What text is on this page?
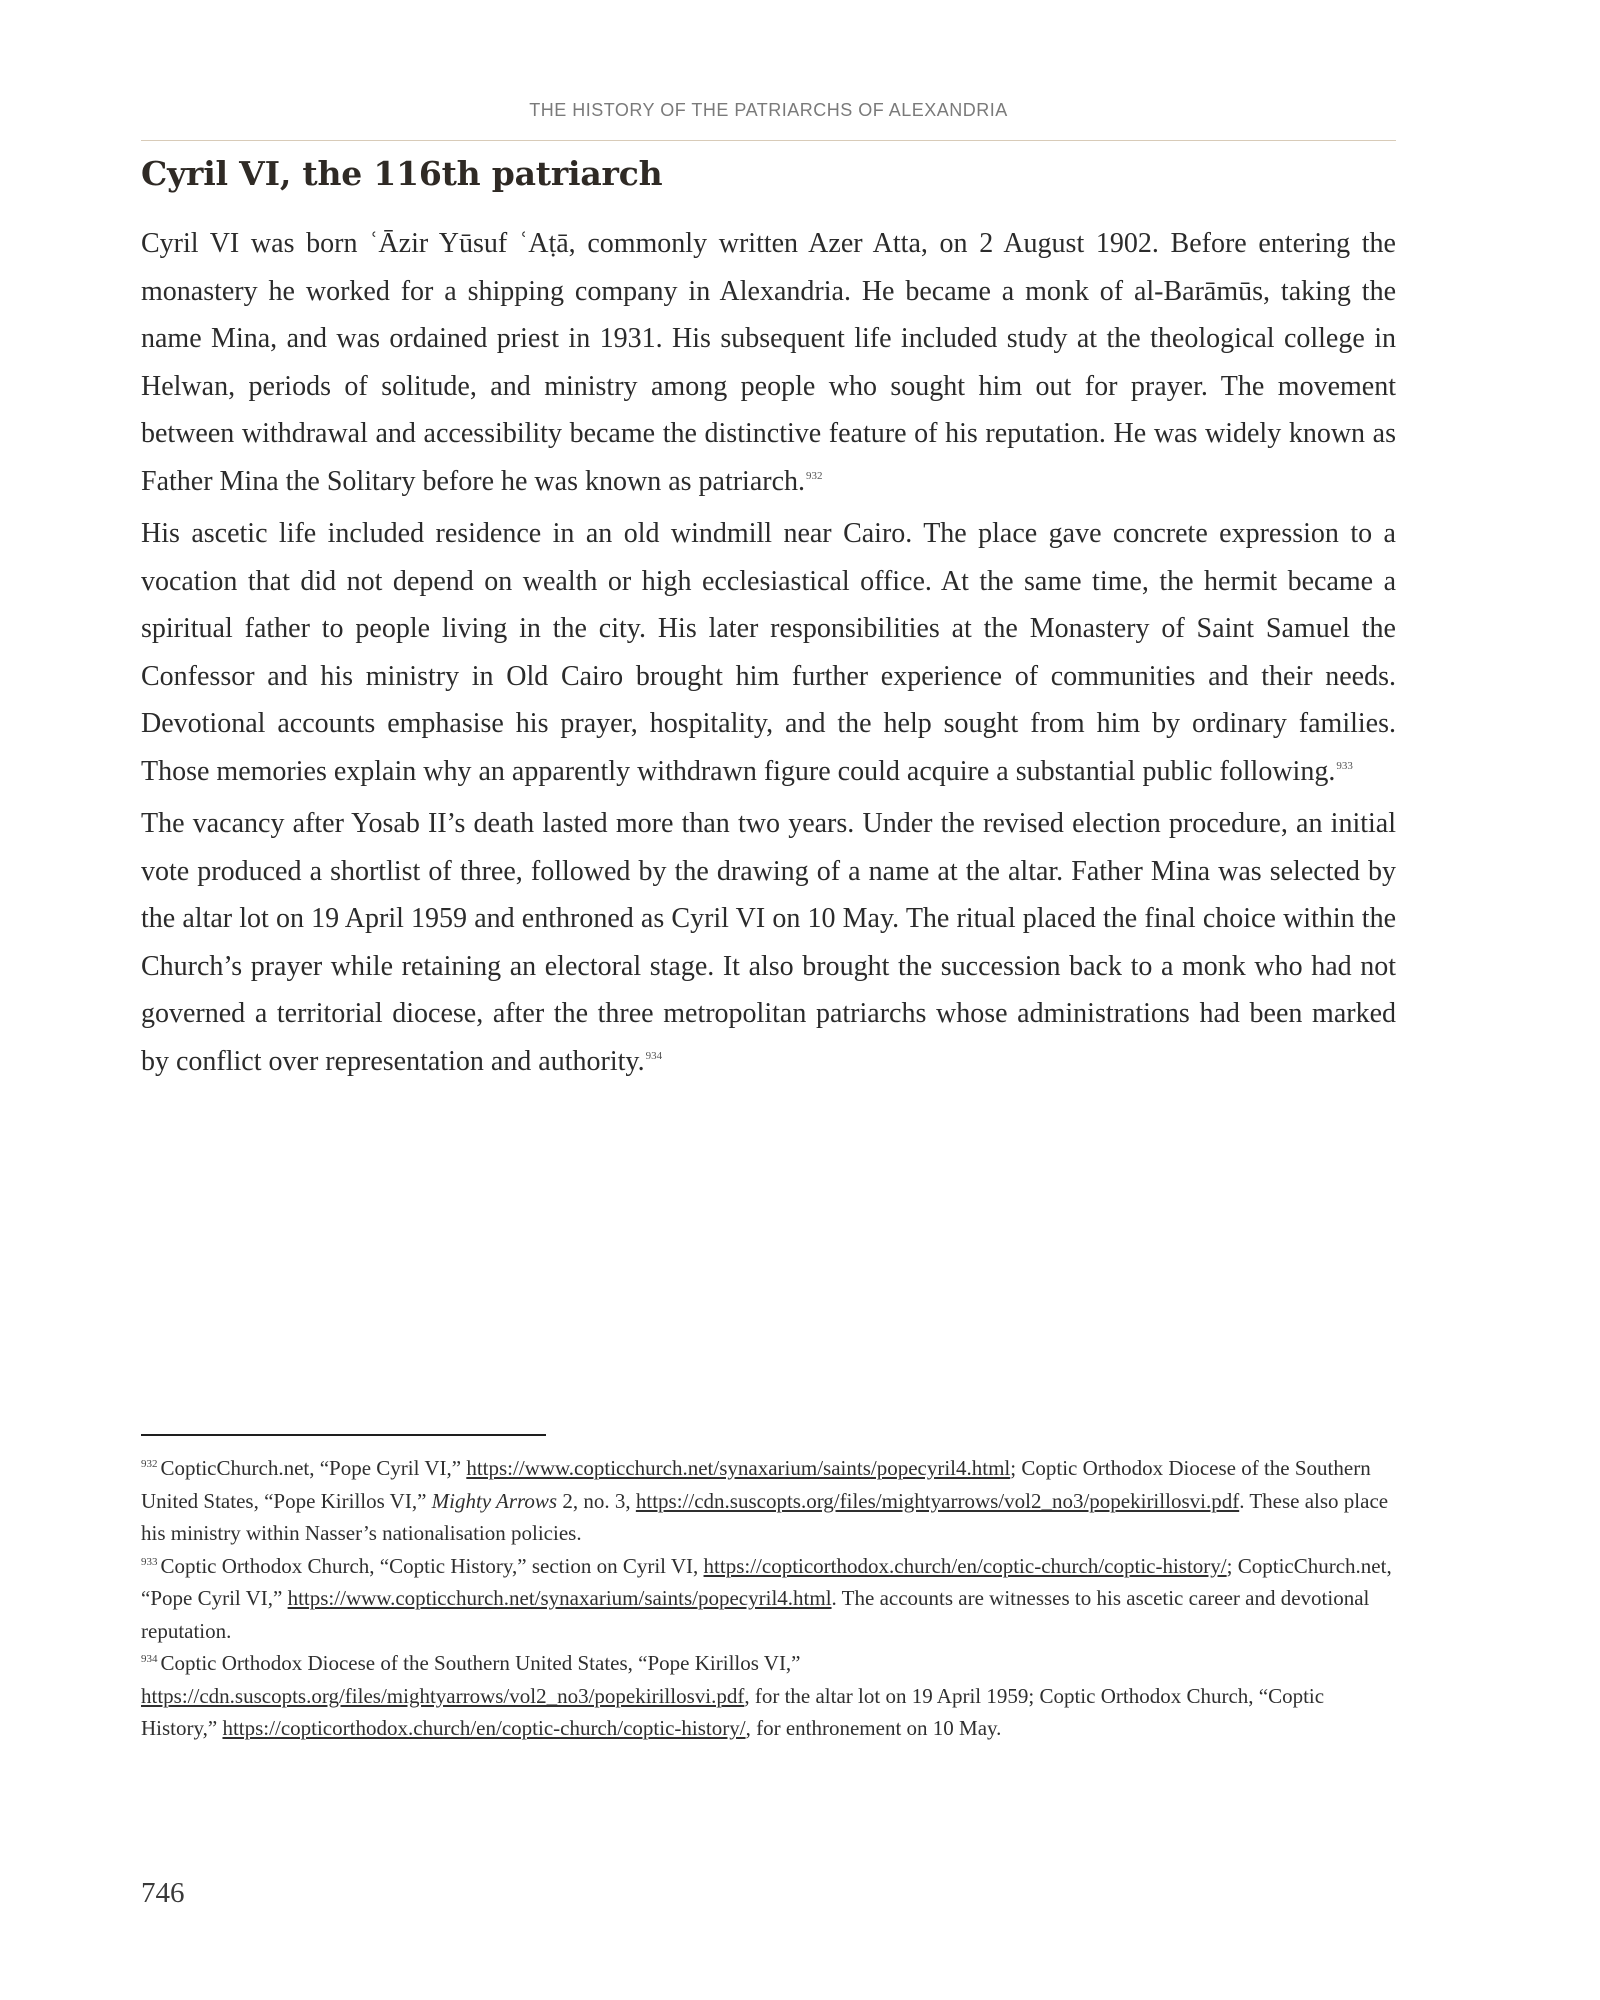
THE HISTORY OF THE PATRIARCHS OF ALEXANDRIA
Cyril VI, the 116th patriarch

Cyril VI was born ʿĀzir Yūsuf ʿAṭā, commonly written Azer Atta, on 2 August 1902. Before entering the monastery he worked for a shipping company in Alexandria. He became a monk of al-Barāmūs, taking the name Mina, and was ordained priest in 1931. His subsequent life included study at the theological college in Helwan, periods of solitude, and ministry among people who sought him out for prayer. The movement between withdrawal and accessibility became the distinctive feature of his reputation. He was widely known as Father Mina the Solitary before he was known as patriarch.$^{932}$

His ascetic life included residence in an old windmill near Cairo. The place gave concrete expression to a vocation that did not depend on wealth or high ecclesiastical office. At the same time, the hermit became a spiritual father to people living in the city. His later responsibilities at the Monastery of Saint Samuel the Confessor and his ministry in Old Cairo brought him further experience of communities and their needs. Devotional accounts emphasise his prayer, hospitality, and the help sought from him by ordinary families. Those memories explain why an apparently withdrawn figure could acquire a substantial public following.$^{933}$

The vacancy after Yosab II’s death lasted more than two years. Under the revised election procedure, an initial vote produced a shortlist of three, followed by the drawing of a name at the altar. Father Mina was selected by the altar lot on 19 April 1959 and enthroned as Cyril VI on 10 May. The ritual placed the final choice within the Church’s prayer while retaining an electoral stage. It also brought the succession back to a monk who had not governed a territorial diocese, after the three metropolitan patriarchs whose administrations had been marked by conflict over representation and authority.$^{934}$

$^{932}$ CopticChurch.net, “Pope Cyril VI,” https://www.copticchurch.net/synaxarium/saints/popecyril4.html; Coptic Orthodox Diocese of the Southern United States, “Pope Kirillos VI,” Mighty Arrows 2, no. 3, https://cdn.suscopts.org/files/mightyarrows/vol2_no3/popekirillosvi.pdf. These also place his ministry within Nasser’s nationalisation policies.

$^{933}$ Coptic Orthodox Church, “Coptic History,” section on Cyril VI, https://copticorthodox.church/en/coptic-church/coptic-history/; CopticChurch.net, “Pope Cyril VI,” https://www.copticchurch.net/synaxarium/saints/popecyril4.html. The accounts are witnesses to his ascetic career and devotional reputation.

$^{934}$ Coptic Orthodox Diocese of the Southern United States, “Pope Kirillos VI,” https://cdn.suscopts.org/files/mightyarrows/vol2_no3/popekirillosvi.pdf, for the altar lot on 19 April 1959; Coptic Orthodox Church, “Coptic History,” https://copticorthodox.church/en/coptic-church/coptic-history/, for enthronement on 10 May.

746
